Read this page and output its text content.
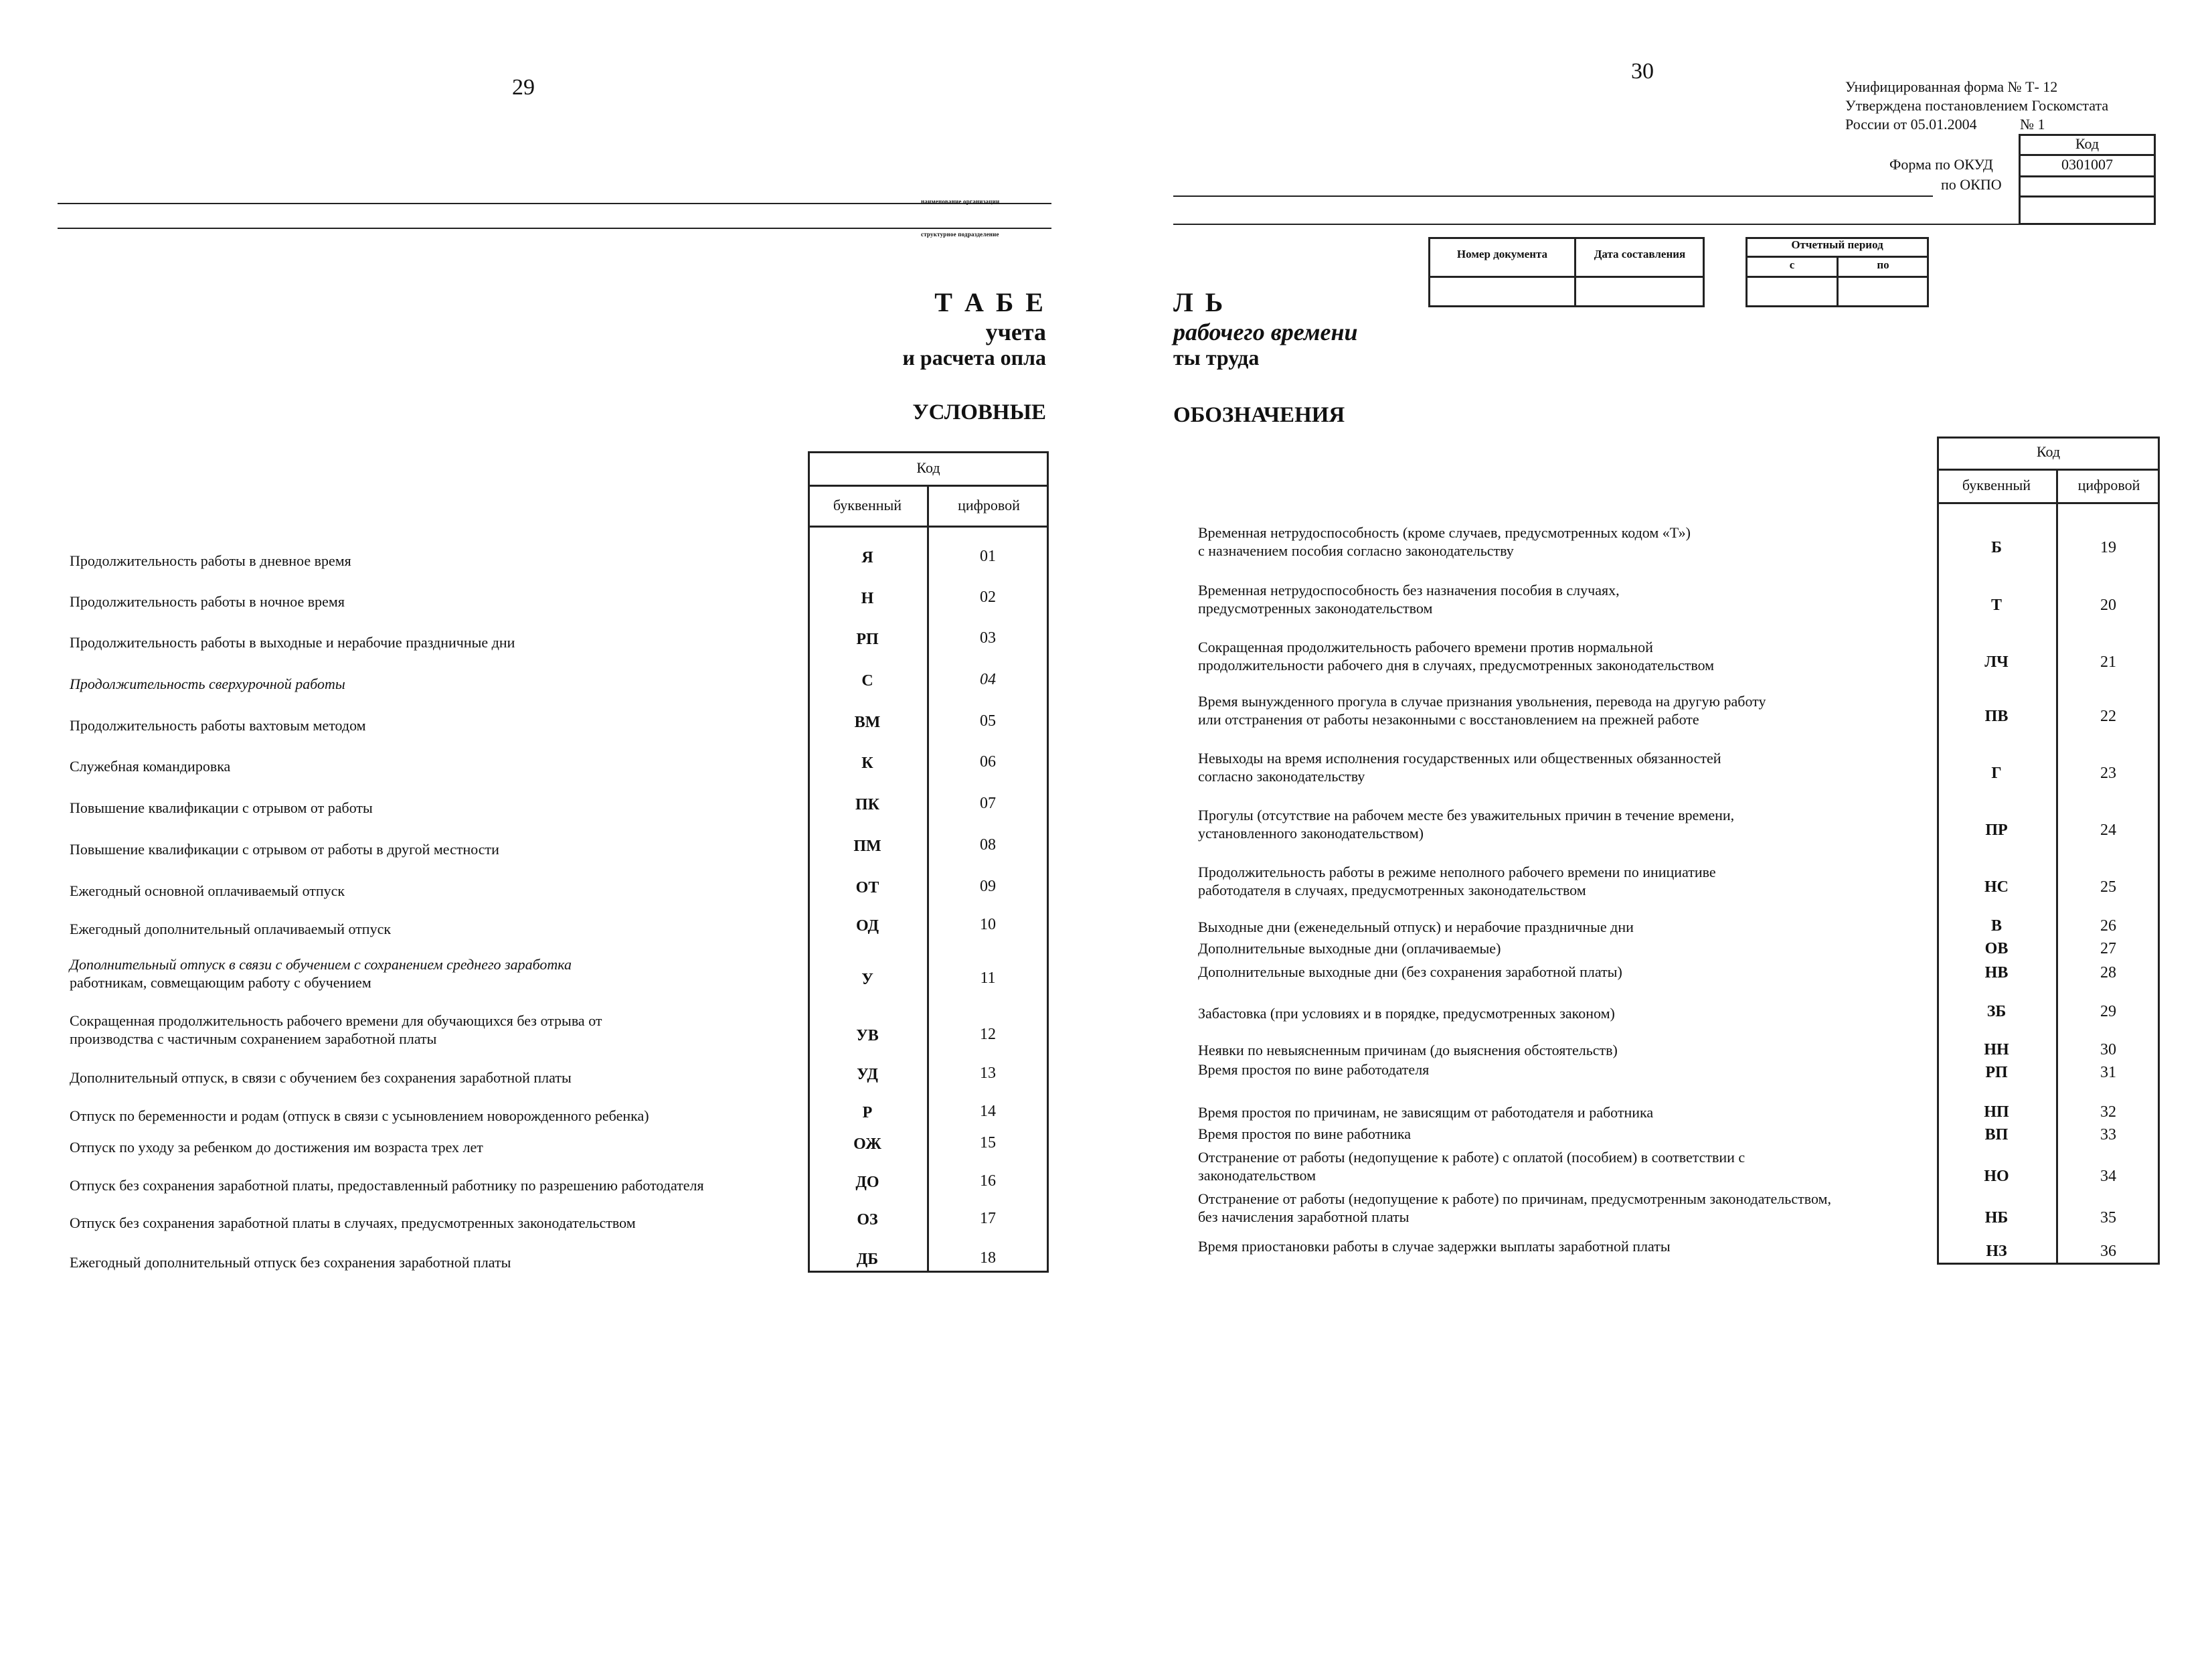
29
30
Унифицированная форма № Т- 12
Утверждена постановлением Госкомстата
России от 05.01.2004	№ 1
Код
0301007
Форма по ОКУД
по ОКПО
наименование организации
структурное подразделение
Номер документа	Дата составления
Отчетный период
с	по
Т А Б Е	Л Ь
учета	рабочего времени
и расчета опла	ты труда
УСЛОВНЫЕ	ОБОЗНАЧЕНИЯ
Код
буквенный	цифровой
Код
буквенный	цифровой
Продолжительность работы в дневное время	Я	01
Продолжительность работы в ночное время	Н	02
Продолжительность работы в выходные и нерабочие праздничные дни	РП	03
Продолжительность сверхурочной работы	С	04
Продолжительность работы вахтовым методом	ВМ	05
Служебная командировка	К	06
Повышение квалификации с отрывом от работы	ПК	07
Повышение квалификации с отрывом от работы в другой местности	ПМ	08
Ежегодный основной оплачиваемый отпуск	ОТ	09
Ежегодный дополнительный оплачиваемый отпуск	ОД	10
Дополнительный отпуск в связи с обучением с сохранением среднего заработка
работникам, совмещающим работу с обучением	У	11
Сокращенная продолжительность рабочего времени для обучающихся без отрыва от
производства с частичным сохранением заработной платы	УВ	12
Дополнительный отпуск, в связи с обучением без сохранения заработной платы	УД	13
Отпуск по беременности и родам (отпуск в связи с усыновлением новорожденного ребенка)	Р	14
Отпуск по уходу за ребенком до достижения им возраста трех лет	ОЖ	15
Отпуск без сохранения заработной платы, предоставленный работнику по разрешению работодателя	ДО	16
Отпуск без сохранения заработной платы в случаях, предусмотренных законодательством	ОЗ	17
Ежегодный дополнительный отпуск без сохранения заработной платы	ДБ	18
Временная нетрудоспособность (кроме случаев, предусмотренных кодом «Т»)
с назначением пособия согласно законодательству	Б	19
Временная нетрудоспособность без назначения пособия в случаях,
предусмотренных законодательством	Т	20
Сокращенная продолжительность рабочего времени против нормальной
продолжительности рабочего дня в случаях, предусмотренных законодательством	ЛЧ	21
Время вынужденного прогула в случае признания увольнения, перевода на другую работу
или отстранения от работы незаконными с восстановлением на прежней работе	ПВ	22
Невыходы на время исполнения государственных или общественных обязанностей
согласно законодательству	Г	23
Прогулы (отсутствие на рабочем месте без уважительных причин в течение времени,
установленного законодательством)	ПР	24
Продолжительность работы в режиме неполного рабочего времени по инициативе
работодателя в случаях, предусмотренных законодательством	НС	25
Выходные дни (еженедельный отпуск) и нерабочие праздничные дни	В	26
Дополнительные выходные дни (оплачиваемые)	ОВ	27
Дополнительные выходные дни (без сохранения заработной платы)	НВ	28
Забастовка (при условиях и в порядке, предусмотренных законом)	ЗБ	29
Неявки по невыясненным причинам (до выяснения обстоятельств)	НН	30
Время простоя по вине работодателя	РП	31
Время простоя по причинам, не зависящим от работодателя и работника	НП	32
Время простоя по вине работника	ВП	33
Отстранение от работы (недопущение к работе) с оплатой (пособием) в соответствии с
законодательством	НО	34
Отстранение от работы (недопущение к работе) по причинам, предусмотренным законодательством,
без начисления заработной платы	НБ	35
Время приостановки работы в случае задержки выплаты заработной платы	НЗ	36
